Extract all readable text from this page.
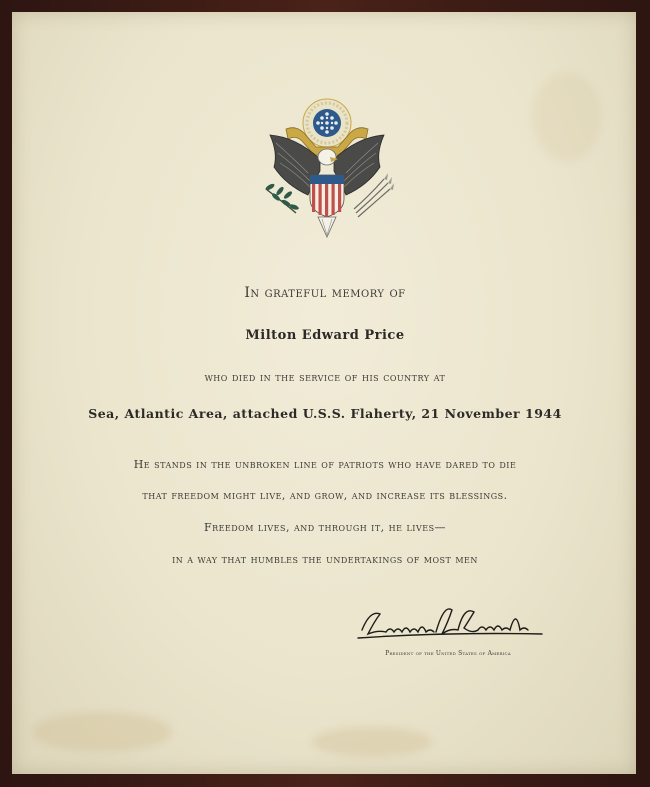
In grateful memory of
Milton Edward Price
who died in the service of his country at
Sea, Atlantic Area, attached U.S.S. Flaherty, 21 November 1944
He stands in the unbroken line of patriots who have dared to die
that freedom might live, and grow, and increase its blessings.
Freedom lives, and through it, he lives—
in a way that humbles the undertakings of most men
President of the United States of America
